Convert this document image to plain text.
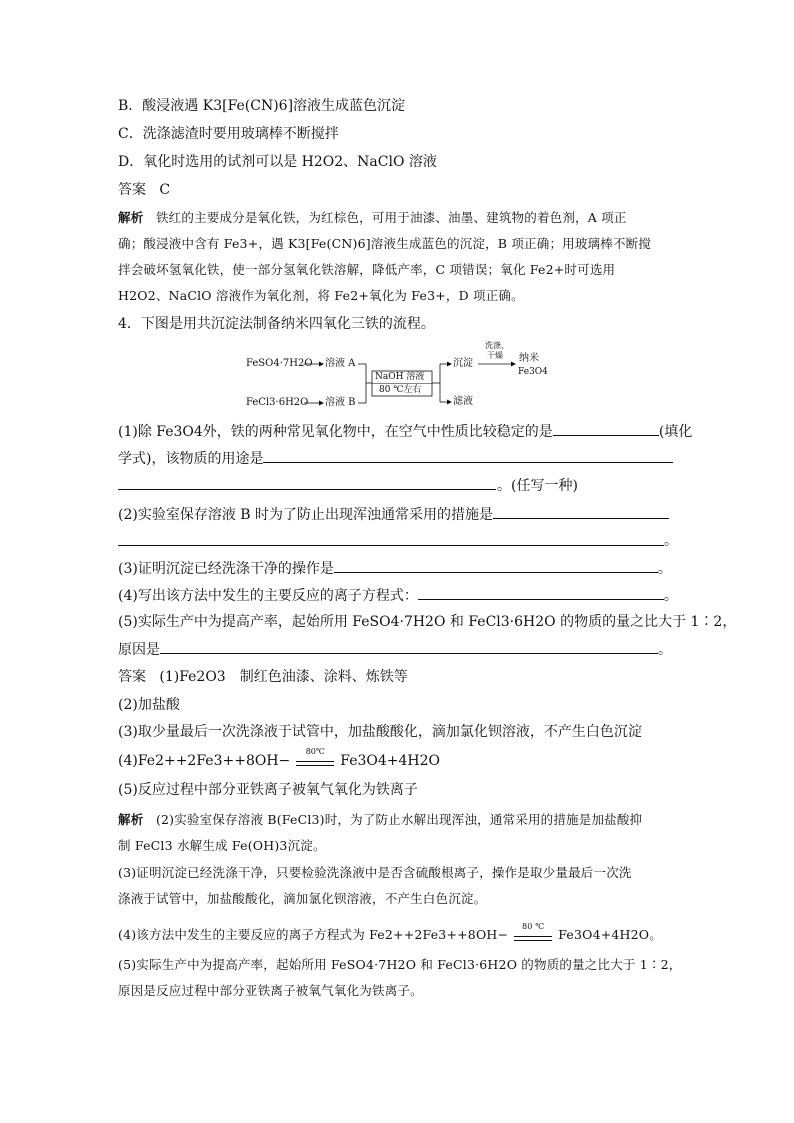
B．酸浸液遇 K3[Fe(CN)6]溶液生成蓝色沉淀
C．洗涤滤渣时要用玻璃棒不断搅拌
D．氧化时选用的试剂可以是 H2O2、NaClO 溶液
答案 C
解析 铁红的主要成分是氧化铁，为红棕色，可用于油漆、油墨、建筑物的着色剂，A 项正
确；酸浸液中含有 Fe3+，遇 K3[Fe(CN)6]溶液生成蓝色的沉淀，B 项正确；用玻璃棒不断搅
拌会破坏氢氧化铁，使一部分氢氧化铁溶解，降低产率，C 项错误；氧化 Fe2+时可选用
H2O2、NaClO 溶液作为氧化剂，将 Fe2+氧化为 Fe3+，D 项正确。
4．下图是用共沉淀法制备纳米四氧化三铁的流程。
FeSO4·7H2O 溶液 A
FeCl3·6H2O 溶液 B
NaOH 溶液
80 ℃左右
沉淀
洗涤、
干燥 纳米
Fe3O4
滤液
(1)除 Fe3O4外，铁的两种常见氧化物中，在空气中性质比较稳定的是	(填化
学式)，该物质的用途是
。(任写一种)
(2)实验室保存溶液 B 时为了防止出现浑浊通常采用的措施是
。
(3)证明沉淀已经洗涤干净的操作是	。
(4)写出该方法中发生的主要反应的离子方程式：	。
(5)实际生产中为提高产率，起始所用 FeSO4·7H2O 和 FeCl3·6H2O 的物质的量之比大于 1∶2，
原因是	。
答案 (1)Fe2O3　制红色油漆、涂料、炼铁等
(2)加盐酸
(3)取少量最后一次洗涤液于试管中，加盐酸酸化，滴加氯化钡溶液，不产生白色沉淀
(4)Fe2++2Fe3++8OH−
80℃
Fe3O4+4H2O
(5)反应过程中部分亚铁离子被氧气氧化为铁离子
解析 (2)实验室保存溶液 B(FeCl3)时，为了防止水解出现浑浊，通常采用的措施是加盐酸抑
制 FeCl3 水解生成 Fe(OH)3沉淀。
(3)证明沉淀已经洗涤干净，只要检验洗涤液中是否含硫酸根离子，操作是取少量最后一次洗
涤液于试管中，加盐酸酸化，滴加氯化钡溶液，不产生白色沉淀。
(4)该方法中发生的主要反应的离子方程式为 Fe2++2Fe3++8OH−
80 ℃
Fe3O4+4H2O。
(5)实际生产中为提高产率，起始所用 FeSO4·7H2O 和 FeCl3·6H2O 的物质的量之比大于 1∶2，
原因是反应过程中部分亚铁离子被氧气氧化为铁离子。
